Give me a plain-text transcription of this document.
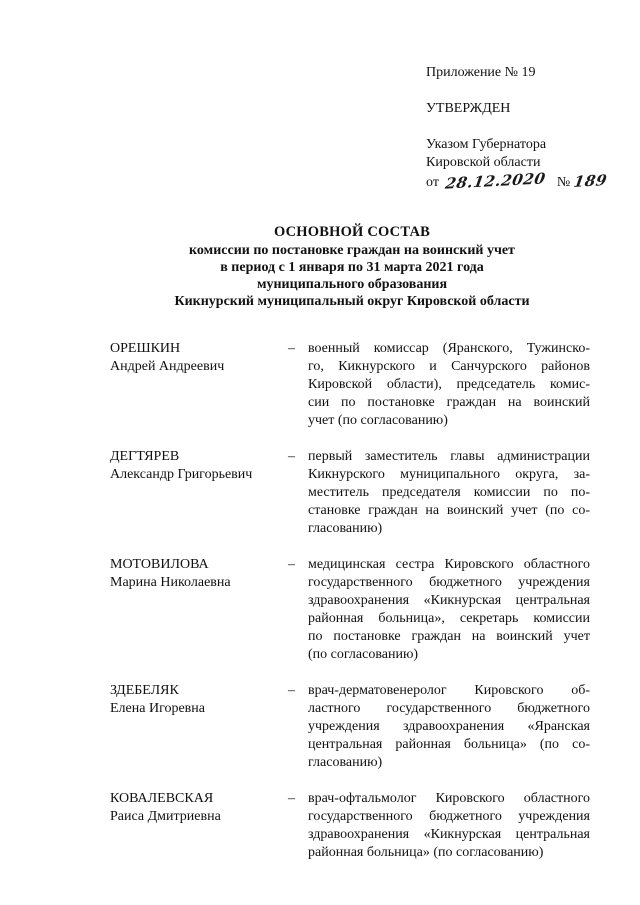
Приложение № 19
УТВЕРЖДЕН
Указом Губернатора
Кировской области
от 28.12.2020 № 189
ОСНОВНОЙ СОСТАВ
комиссии по постановке граждан на воинский учет
в период с 1 января по 31 марта 2021 года
муниципального образования
Кикнурский муниципальный округ Кировской области
ОРЕШКИН
Андрей Андреевич
– военный комиссар (Яранского, Тужинско-
го, Кикнурского и Санчурского районов
Кировской области), председатель комис-
сии по постановке граждан на воинский
учет (по согласованию)
ДЕГТЯРЕВ
Александр Григорьевич
– первый заместитель главы администрации
Кикнурского муниципального округа, за-
меститель председателя комиссии по по-
становке граждан на воинский учет (по со-
гласованию)
МОТОВИЛОВА
Марина Николаевна
– медицинская сестра Кировского областного
государственного бюджетного учреждения
здравоохранения «Кикнурская центральная
районная больница», секретарь комиссии
по постановке граждан на воинский учет
(по согласованию)
ЗДЕБЕЛЯК
Елена Игоревна
– врач-дерматовенеролог Кировского об-
ластного государственного бюджетного
учреждения здравоохранения «Яранская
центральная районная больница» (по со-
гласованию)
КОВАЛЕВСКАЯ
Раиса Дмитриевна
– врач-офтальмолог Кировского областного
государственного бюджетного учреждения
здравоохранения «Кикнурская центральная
районная больница» (по согласованию)
